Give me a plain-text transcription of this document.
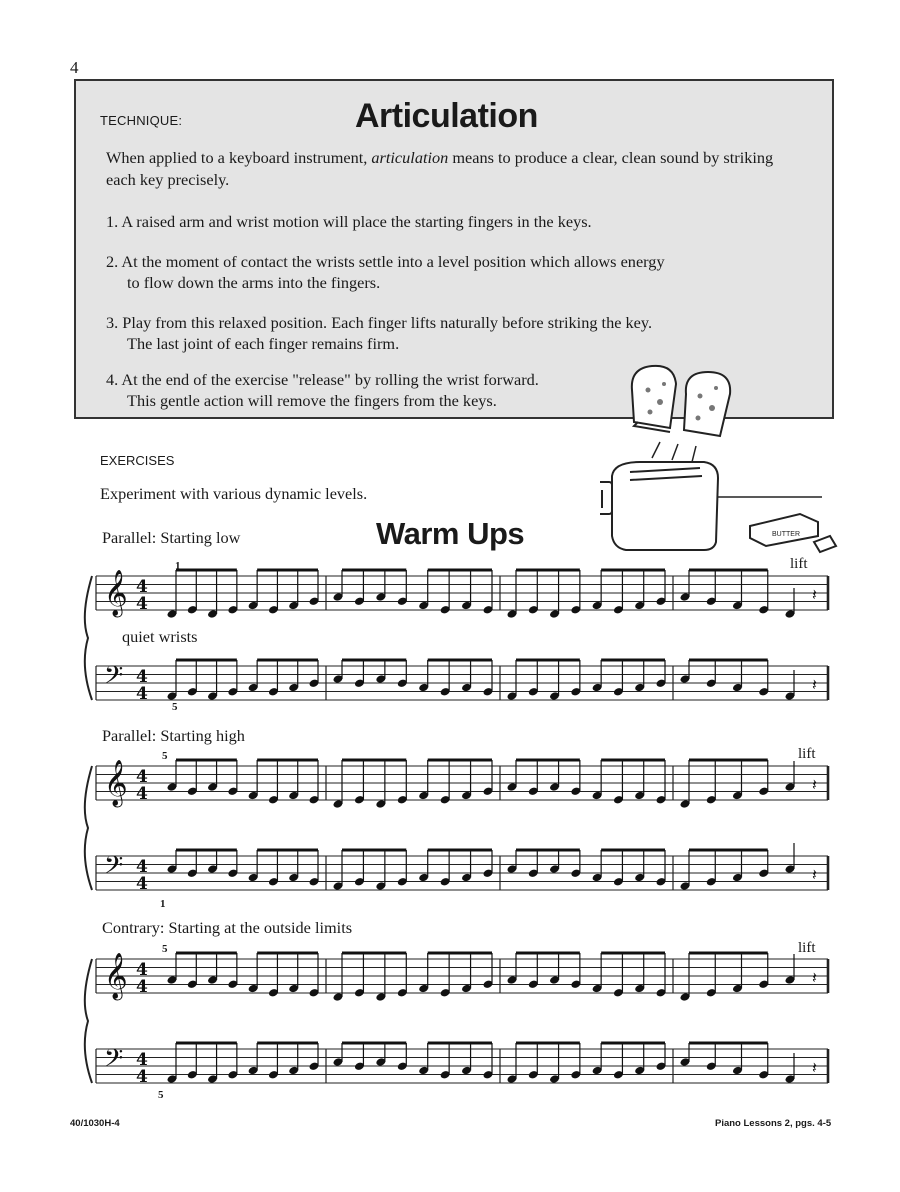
4
TECHNIQUE:	Articulation
When applied to a keyboard instrument, articulation means to produce a clear, clean sound by striking each key precisely.
1. A raised arm and wrist motion will place the starting fingers in the keys.
2. At the moment of contact the wrists settle into a level position which allows energy
to flow down the arms into the fingers.
3. Play from this relaxed position. Each finger lifts naturally before striking the key.
The last joint of each finger remains firm.
4. At the end of the exercise "release" by rolling the wrist forward.
This gentle action will remove the fingers from the keys.
BUTTER
EXERCISES
Experiment with various dynamic levels.
Warm Ups
Parallel: Starting low
Parallel: Starting high
Contrary: Starting at the outside limits
lift
lift
lift
quiet wrists
1
5
5
1
5
5
𝄞 4
4	𝄽
𝄢 4
4	𝄽
𝄞 4
4	𝄽
𝄢 4
4	𝄽
𝄞 4
4	𝄽
𝄢 4
4	𝄽
40/1030H-4	Piano Lessons 2, pgs. 4-5
